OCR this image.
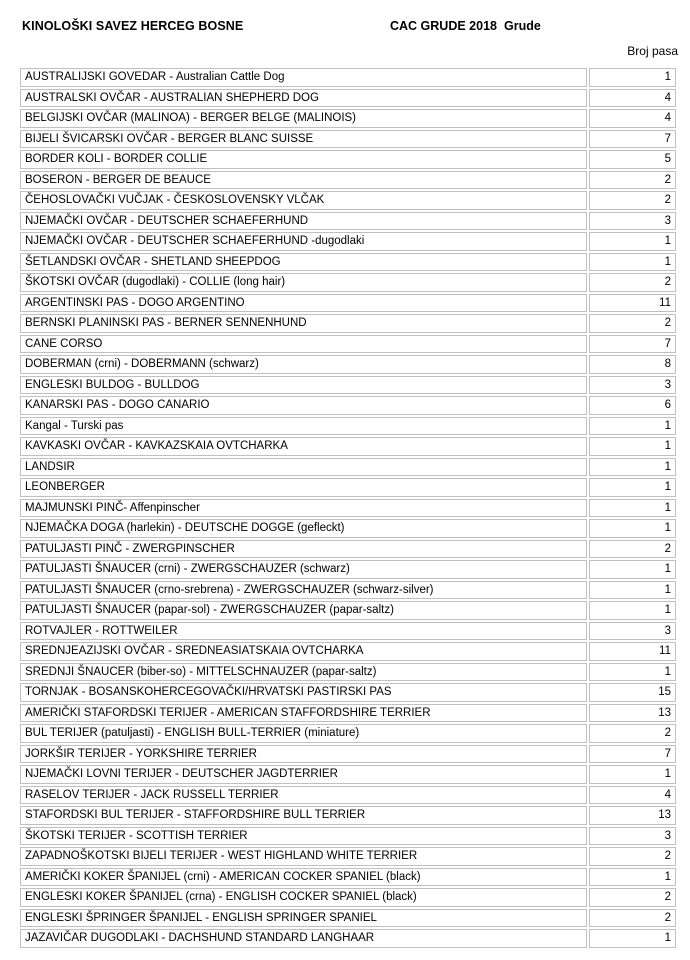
KINOLOŠKI SAVEZ HERCEG BOSNE	CAC GRUDE 2018 Grude
Broj pasa
AUSTRALIJSKI GOVEDAR - Australian Cattle Dog	1
AUSTRALSKI OVČAR - AUSTRALIAN SHEPHERD DOG	4
BELGIJSKI OVČAR (MALINOA) - BERGER BELGE (MALINOIS)	4
BIJELI ŠVICARSKI OVČAR - BERGER BLANC SUISSE	7
BORDER KOLI - BORDER COLLIE	5
BOSERON - BERGER DE BEAUCE	2
ČEHOSLOVAČKI VUČJAK - ČESKOSLOVENSKY VLČAK	2
NJEMAČKI OVČAR - DEUTSCHER SCHAEFERHUND	3
NJEMAČKI OVČAR - DEUTSCHER SCHAEFERHUND -dugodlaki	1
ŠETLANDSKI OVČAR - SHETLAND SHEEPDOG	1
ŠKOTSKI OVČAR (dugodlaki) - COLLIE (long hair)	2
ARGENTINSKI PAS - DOGO ARGENTINO	11
BERNSKI PLANINSKI PAS - BERNER SENNENHUND	2
CANE CORSO	7
DOBERMAN (crni) - DOBERMANN (schwarz)	8
ENGLESKI BULDOG - BULLDOG	3
KANARSKI PAS - DOGO CANARIO	6
Kangal - Turski pas	1
KAVKASKI OVČAR - KAVKAZSKAIA OVTCHARKA	1
LANDSIR	1
LEONBERGER	1
MAJMUNSKI PINČ- Affenpinscher	1
NJEMAČKA DOGA (harlekin) - DEUTSCHE DOGGE (gefleckt)	1
PATULJASTI PINČ - ZWERGPINSCHER	2
PATULJASTI ŠNAUCER (crni) - ZWERGSCHAUZER (schwarz)	1
PATULJASTI ŠNAUCER (crno-srebrena) - ZWERGSCHAUZER (schwarz-silver)	1
PATULJASTI ŠNAUCER (papar-sol) - ZWERGSCHAUZER (papar-saltz)	1
ROTVAJLER - ROTTWEILER	3
SREDNJEAZIJSKI OVČAR - SREDNEASIATSKAIA OVTCHARKA	11
SREDNJI ŠNAUCER (biber-so) - MITTELSCHNAUZER (papar-saltz)	1
TORNJAK - BOSANSKOHERCEGOVAČKI/HRVATSKI PASTIRSKI PAS	15
AMERIČKI STAFORDSKI TERIJER - AMERICAN STAFFORDSHIRE TERRIER	13
BUL TERIJER (patuljasti) - ENGLISH BULL-TERRIER (miniature)	2
JORKŠIR TERIJER - YORKSHIRE TERRIER	7
NJEMAČKI LOVNI TERIJER - DEUTSCHER JAGDTERRIER	1
RASELOV TERIJER - JACK RUSSELL TERRIER	4
STAFORDSKI BUL TERIJER - STAFFORDSHIRE BULL TERRIER	13
ŠKOTSKI TERIJER - SCOTTISH TERRIER	3
ZAPADNOŠKOTSKI BIJELI TERIJER - WEST HIGHLAND WHITE TERRIER	2
AMERIČKI KOKER ŠPANIJEL (crni) - AMERICAN COCKER SPANIEL (black)	1
ENGLESKI KOKER ŠPANIJEL (crna) - ENGLISH COCKER SPANIEL (black)	2
ENGLESKI ŠPRINGER ŠPANIJEL - ENGLISH SPRINGER SPANIEL	2
JAZAVIČAR DUGODLAKI - DACHSHUND STANDARD LANGHAAR	1
